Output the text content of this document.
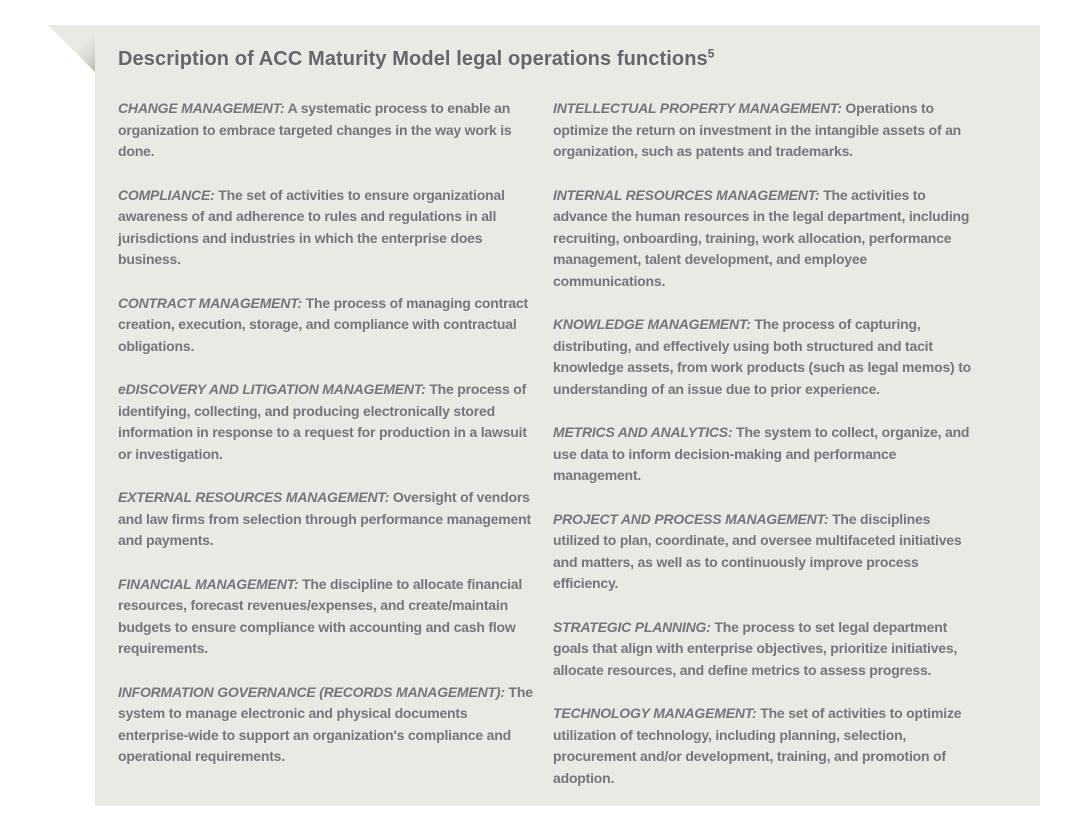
Description of ACC Maturity Model legal operations functions$^5$

CHANGE MANAGEMENT: A systematic process to enable an organization to embrace targeted changes in the way work is done.

COMPLIANCE: The set of activities to ensure organizational awareness of and adherence to rules and regulations in all jurisdictions and industries in which the enterprise does business.

CONTRACT MANAGEMENT: The process of managing contract creation, execution, storage, and compliance with contractual obligations.

eDISCOVERY AND LITIGATION MANAGEMENT: The process of identifying, collecting, and producing electronically stored information in response to a request for production in a lawsuit or investigation.

EXTERNAL RESOURCES MANAGEMENT: Oversight of vendors and law firms from selection through performance management and payments.

FINANCIAL MANAGEMENT: The discipline to allocate financial resources, forecast revenues/expenses, and create/maintain budgets to ensure compliance with accounting and cash flow requirements.

INFORMATION GOVERNANCE (RECORDS MANAGEMENT): The system to manage electronic and physical documents enterprise-wide to support an organization's compliance and operational requirements.

INTELLECTUAL PROPERTY MANAGEMENT: Operations to optimize the return on investment in the intangible assets of an organization, such as patents and trademarks.

INTERNAL RESOURCES MANAGEMENT: The activities to advance the human resources in the legal department, including recruiting, onboarding, training, work allocation, performance management, talent development, and employee communications.

KNOWLEDGE MANAGEMENT: The process of capturing, distributing, and effectively using both structured and tacit knowledge assets, from work products (such as legal memos) to understanding of an issue due to prior experience.

METRICS AND ANALYTICS: The system to collect, organize, and use data to inform decision-making and performance management.

PROJECT AND PROCESS MANAGEMENT: The disciplines utilized to plan, coordinate, and oversee multifaceted initiatives and matters, as well as to continuously improve process efficiency.

STRATEGIC PLANNING: The process to set legal department goals that align with enterprise objectives, prioritize initiatives, allocate resources, and define metrics to assess progress.

TECHNOLOGY MANAGEMENT: The set of activities to optimize utilization of technology, including planning, selection, procurement and/or development, training, and promotion of adoption.
